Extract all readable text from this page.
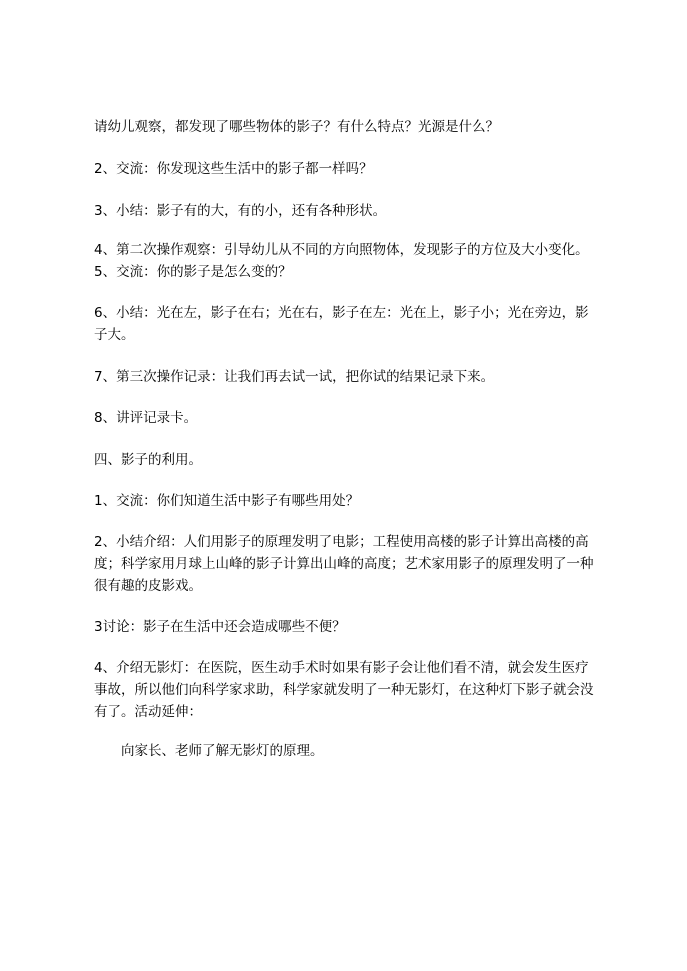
请幼儿观察，都发现了哪些物体的影子？有什么特点？光源是什么？

2、交流：你发现这些生活中的影子都一样吗？

3、小结：影子有的大，有的小，还有各种形状。

4、第二次操作观察：引导幼儿从不同的方向照物体，发现影子的方位及大小变化。

5、交流：你的影子是怎么变的？

6、小结：光在左，影子在右；光在右，影子在左：光在上，影子小；光在旁边，影子大。

7、第三次操作记录：让我们再去试一试，把你试的结果记录下来。

8、讲评记录卡。

四、影子的利用。

1、交流：你们知道生活中影子有哪些用处？

2、小结介绍：人们用影子的原理发明了电影；工程使用高楼的影子计算出高楼的高度；科学家用月球上山峰的影子计算出山峰的高度；艺术家用影子的原理发明了一种很有趣的皮影戏。

3讨论：影子在生活中还会造成哪些不便？

4、介绍无影灯：在医院，医生动手术时如果有影子会让他们看不清，就会发生医疗事故，所以他们向科学家求助，科学家就发明了一种无影灯，在这种灯下影子就会没有了。活动延伸：

向家长、老师了解无影灯的原理。
